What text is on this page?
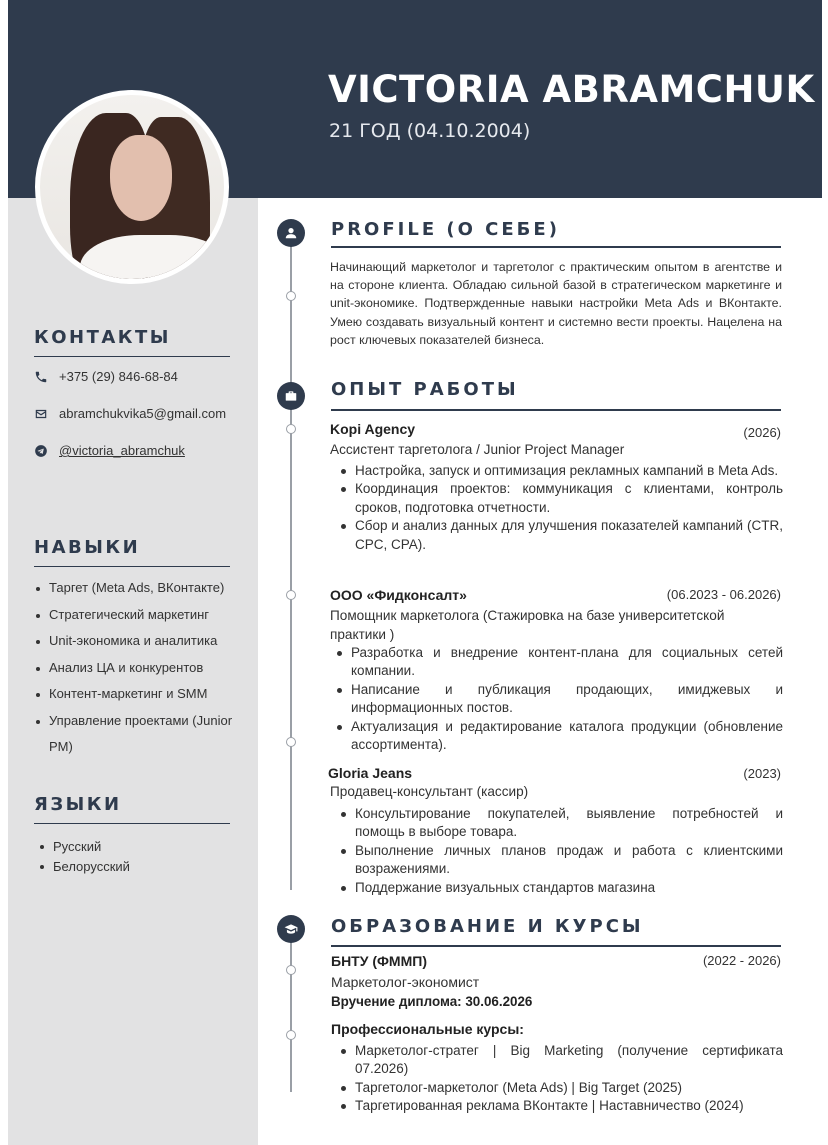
VICTORIA ABRAMCHUK
21 ГОД (04.10.2004)
КОНТАКТЫ
+375 (29) 846-68-84
abramchukvika5@gmail.com
@victoria_abramchuk
НАВЫКИ
Таргет (Meta Ads, ВКонтакте)
Стратегический маркетинг
Unit-экономика и аналитика
Анализ ЦА и конкурентов
Контент-маркетинг и SMM
Управление проектами (Junior PM)
ЯЗЫКИ
Русский
Белорусский
PROFILE (О СЕБЕ)
Начинающий маркетолог и таргетолог с практическим опытом в агентстве и на стороне клиента. Обладаю сильной базой в стратегическом маркетинге и unit-экономике. Подтвержденные навыки настройки Meta Ads и ВКонтакте. Умею создавать визуальный контент и системно вести проекты. Нацелена на рост ключевых показателей бизнеса.
ОПЫТ РАБОТЫ
Kopi Agency	(2026)
Ассистент таргетолога / Junior Project Manager
Настройка, запуск и оптимизация рекламных кампаний в Meta Ads.
Координация проектов: коммуникация с клиентами, контроль сроков, подготовка отчетности.
Сбор и анализ данных для улучшения показателей кампаний (CTR, CPC, CPA).
ООО «Фидконсалт»	(06.2023 - 06.2026)
Помощник маркетолога (Стажировка на базе университетской практики )
Разработка и внедрение контент-плана для социальных сетей компании.
Написание и публикация продающих, имиджевых и информационных постов.
Актуализация и редактирование каталога продукции (обновление ассортимента).
Gloria Jeans	(2023)
Продавец-консультант (кассир)
Консультирование покупателей, выявление потребностей и помощь в выборе товара.
Выполнение личных планов продаж и работа с клиентскими возражениями.
Поддержание визуальных стандартов магазина
ОБРАЗОВАНИЕ И КУРСЫ
БНТУ (ФММП)	(2022 - 2026)
Маркетолог-экономист
Вручение диплома: 30.06.2026
Профессиональные курсы:
Маркетолог-стратег | Big Marketing (получение сертификата 07.2026)
Таргетолог-маркетолог (Meta Ads) | Big Target (2025)
Таргетированная реклама ВКонтакте | Наставничество (2024)
